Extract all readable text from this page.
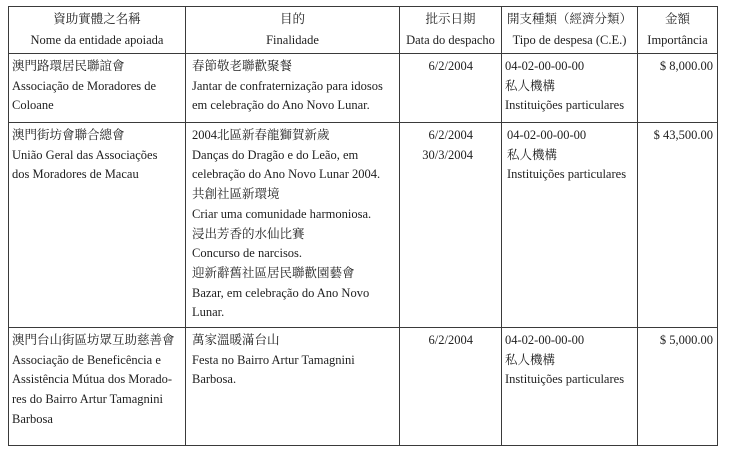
資助實體之名稱
Nome da entidade apoiada
目的
Finalidade
批示日期
Data do despacho
開支種類（經濟分類）
Tipo de despesa (C.E.)
金額
Importância
澳門路環居民聯誼會
Associação de Moradores de
Coloane
春節敬老聯歡聚餐
Jantar de confraternização para idosos
em celebração do Ano Novo Lunar.
6/2/2004	04-02-00-00-00
私人機構
Instituições particulares
$ 8,000.00
澳門街坊會聯合總會
União Geral das Associações
dos Moradores de Macau
2004北區新春龍獅賀新歲
Danças do Dragão e do Leão, em
celebração do Ano Novo Lunar 2004.
共創社區新環境
Criar uma comunidade harmoniosa.
浸出芳香的水仙比賽
Concurso de narcisos.
迎新辭舊社區居民聯歡園藝會
Bazar, em celebração do Ano Novo
Lunar.
6/2/2004
30/3/2004
04-02-00-00-00
私人機構
Instituições particulares
$ 43,500.00
澳門台山街區坊眾互助慈善會
Associação de Beneficência e
Assistência Mútua dos Morado-
res do Bairro Artur Tamagnini
Barbosa
萬家溫暖滿台山
Festa no Bairro Artur Tamagnini
Barbosa.
6/2/2004	04-02-00-00-00
私人機構
Instituições particulares
$ 5,000.00
